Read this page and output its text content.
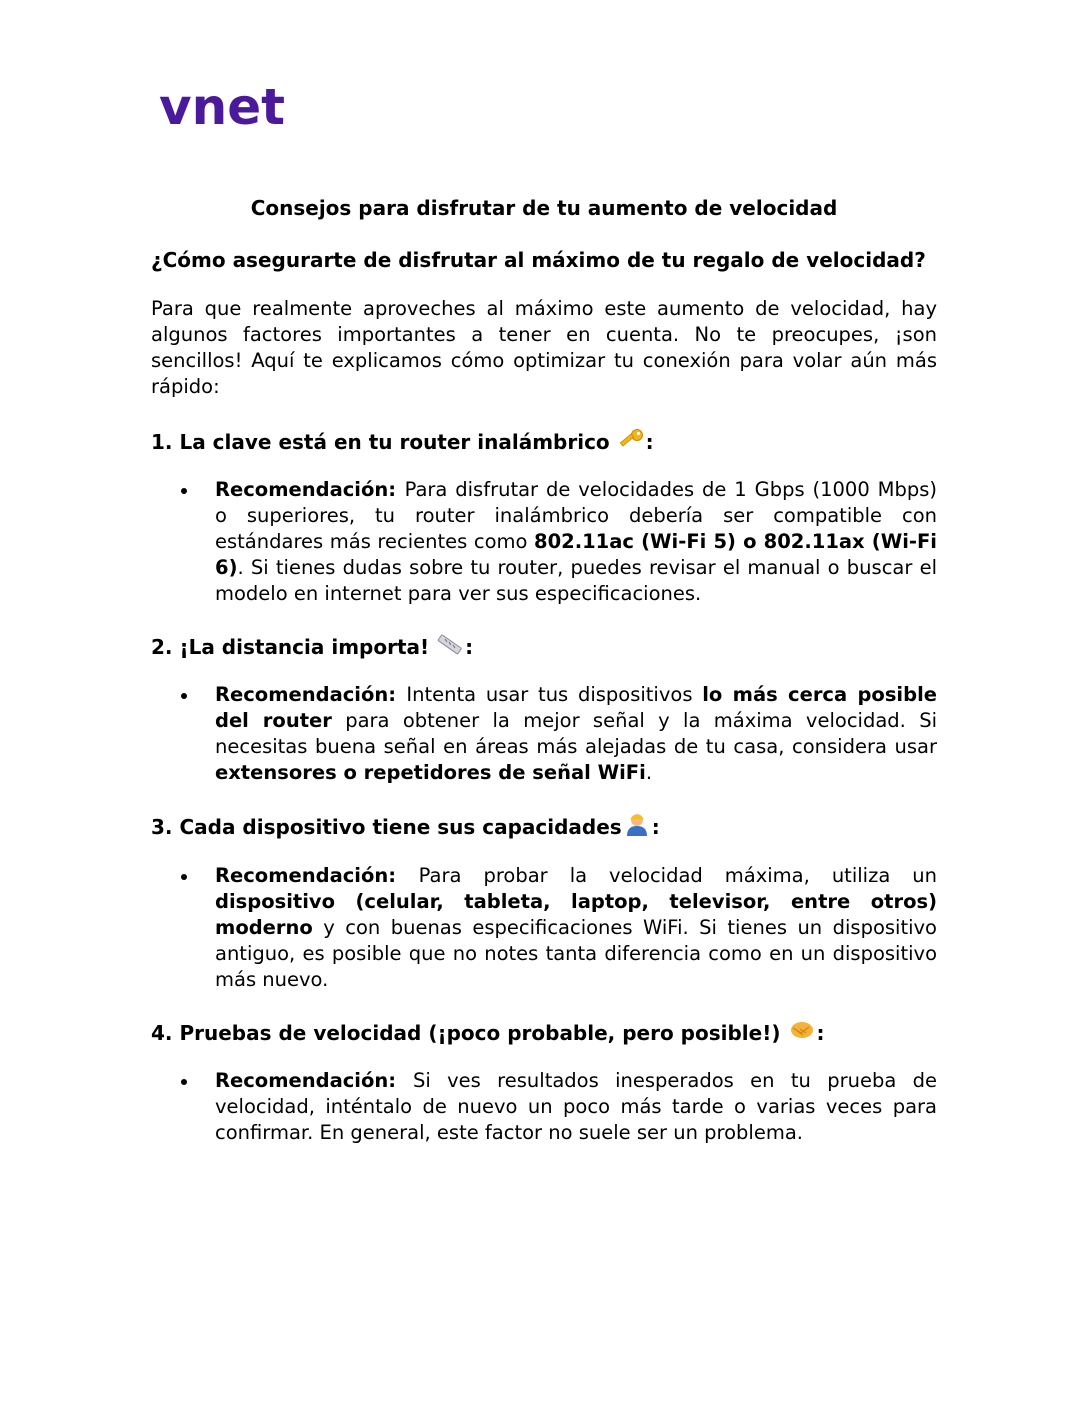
vnet
Consejos para disfrutar de tu aumento de velocidad
¿Cómo asegurarte de disfrutar al máximo de tu regalo de velocidad?
Para que realmente aproveches al máximo este aumento de velocidad, hay algunos factores importantes a tener en cuenta. No te preocupes, ¡son sencillos! Aquí te explicamos cómo optimizar tu conexión para volar aún más rápido:
1. La clave está en tu router inalámbrico :
Recomendación: Para disfrutar de velocidades de 1 Gbps (1000 Mbps) o superiores, tu router inalámbrico debería ser compatible con estándares más recientes como 802.11ac (Wi-Fi 5) o 802.11ax (Wi-Fi 6). Si tienes dudas sobre tu router, puedes revisar el manual o buscar el modelo en internet para ver sus especificaciones.
2. ¡La distancia importa! :
Recomendación: Intenta usar tus dispositivos lo más cerca posible del router para obtener la mejor señal y la máxima velocidad. Si necesitas buena señal en áreas más alejadas de tu casa, considera usar extensores o repetidores de señal WiFi.
3. Cada dispositivo tiene sus capacidades :
Recomendación: Para probar la velocidad máxima, utiliza un dispositivo (celular, tableta, laptop, televisor, entre otros) moderno y con buenas especificaciones WiFi. Si tienes un dispositivo antiguo, es posible que no notes tanta diferencia como en un dispositivo más nuevo.
4. Pruebas de velocidad (¡poco probable, pero posible!) :
Recomendación: Si ves resultados inesperados en tu prueba de velocidad, inténtalo de nuevo un poco más tarde o varias veces para confirmar. En general, este factor no suele ser un problema.
